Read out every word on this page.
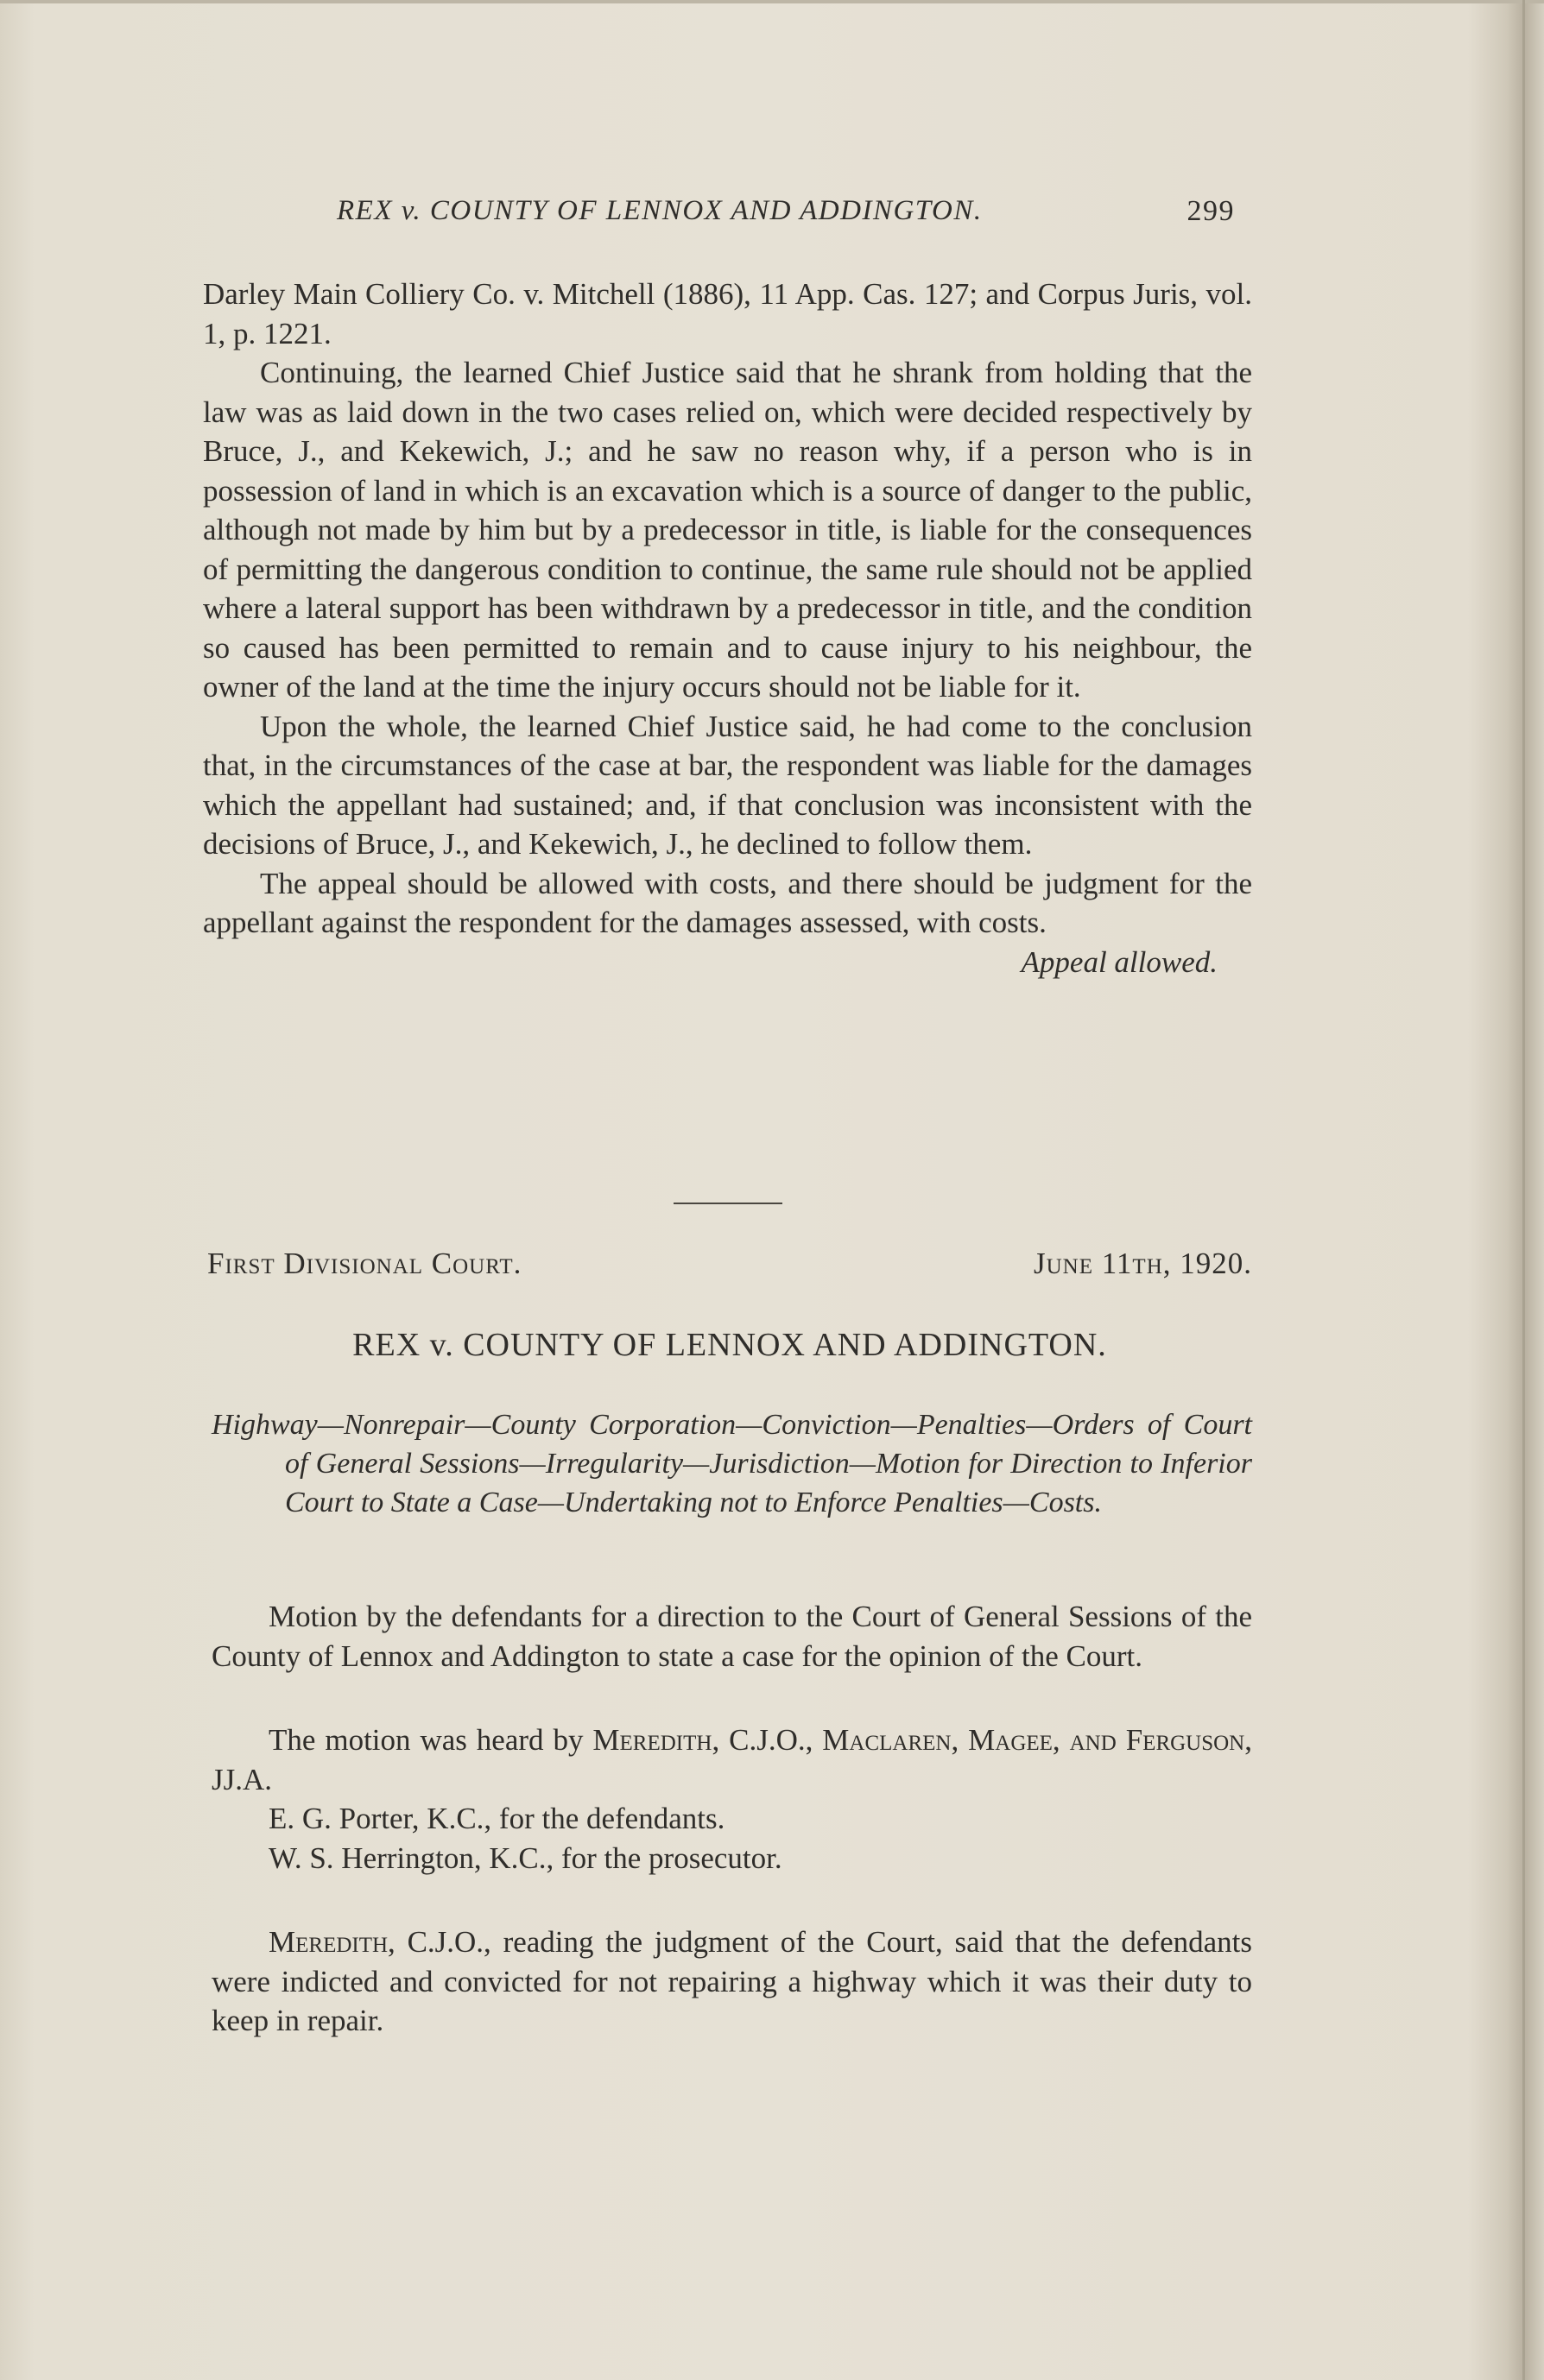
REX v. COUNTY OF LENNOX AND ADDINGTON.	299

Darley Main Colliery Co. v. Mitchell (1886), 11 App. Cas. 127; and Corpus Juris, vol. 1, p. 1221.

Continuing, the learned Chief Justice said that he shrank from holding that the law was as laid down in the two cases relied on, which were decided respectively by Bruce, J., and Kekewich, J.; and he saw no reason why, if a person who is in possession of land in which is an excavation which is a source of danger to the public, although not made by him but by a predecessor in title, is liable for the consequences of permitting the dangerous condition to continue, the same rule should not be applied where a lateral support has been withdrawn by a predecessor in title, and the condition so caused has been permitted to remain and to cause injury to his neighbour, the owner of the land at the time the injury occurs should not be liable for it.

Upon the whole, the learned Chief Justice said, he had come to the conclusion that, in the circumstances of the case at bar, the respondent was liable for the damages which the appellant had sustained; and, if that conclusion was inconsistent with the decisions of Bruce, J., and Kekewich, J., he declined to follow them.

The appeal should be allowed with costs, and there should be judgment for the appellant against the respondent for the damages assessed, with costs.

Appeal allowed.

First Divisional Court.	June 11th, 1920.
REX v. COUNTY OF LENNOX AND ADDINGTON.
Highway—Nonrepair—County Corporation—Conviction—Penalties—Orders of Court of General Sessions—Irregularity—Jurisdiction—Motion for Direction to Inferior Court to State a Case—Undertaking not to Enforce Penalties—Costs.

Motion by the defendants for a direction to the Court of General Sessions of the County of Lennox and Addington to state a case for the opinion of the Court.

The motion was heard by Meredith, C.J.O., Maclaren, Magee, and Ferguson, JJ.A.

E. G. Porter, K.C., for the defendants.

W. S. Herrington, K.C., for the prosecutor.

Meredith, C.J.O., reading the judgment of the Court, said that the defendants were indicted and convicted for not repairing a highway which it was their duty to keep in repair.
